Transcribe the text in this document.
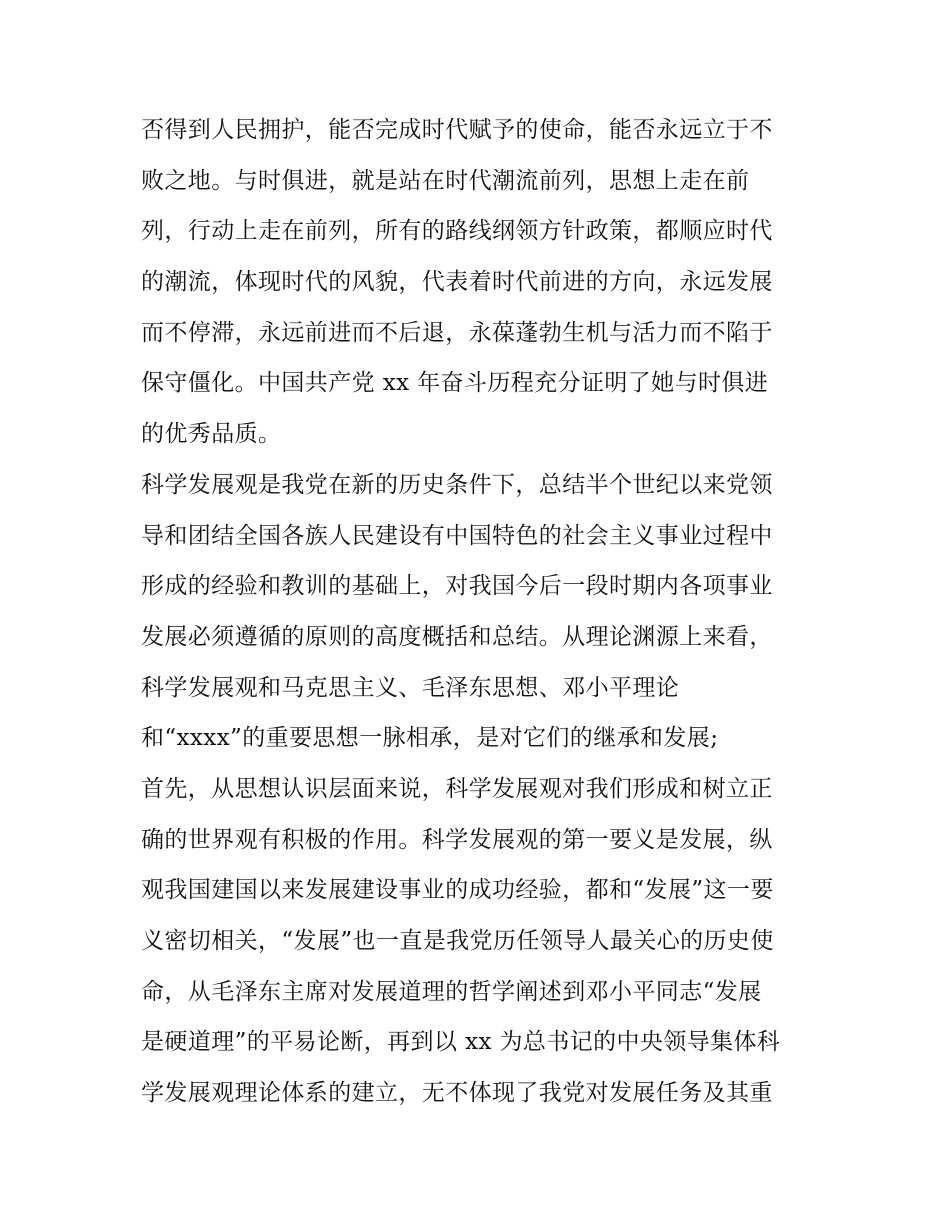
否得到人民拥护，能否完成时代赋予的使命，能否永远立于不
败之地。与时俱进，就是站在时代潮流前列，思想上走在前
列，行动上走在前列，所有的路线纲领方针政策，都顺应时代
的潮流，体现时代的风貌，代表着时代前进的方向，永远发展
而不停滞，永远前进而不后退，永葆蓬勃生机与活力而不陷于
保守僵化。中国共产党 xx 年奋斗历程充分证明了她与时俱进
的优秀品质。
科学发展观是我党在新的历史条件下，总结半个世纪以来党领
导和团结全国各族人民建设有中国特色的社会主义事业过程中
形成的经验和教训的基础上，对我国今后一段时期内各项事业
发展必须遵循的原则的高度概括和总结。从理论渊源上来看，
科学发展观和马克思主义、毛泽东思想、邓小平理论
和“xxxx”的重要思想一脉相承，是对它们的继承和发展;
首先，从思想认识层面来说，科学发展观对我们形成和树立正
确的世界观有积极的作用。科学发展观的第一要义是发展，纵
观我国建国以来发展建设事业的成功经验，都和“发展”这一要
义密切相关，“发展”也一直是我党历任领导人最关心的历史使
命，从毛泽东主席对发展道理的哲学阐述到邓小平同志“发展
是硬道理”的平易论断，再到以 xx 为总书记的中央领导集体科
学发展观理论体系的建立，无不体现了我党对发展任务及其重
